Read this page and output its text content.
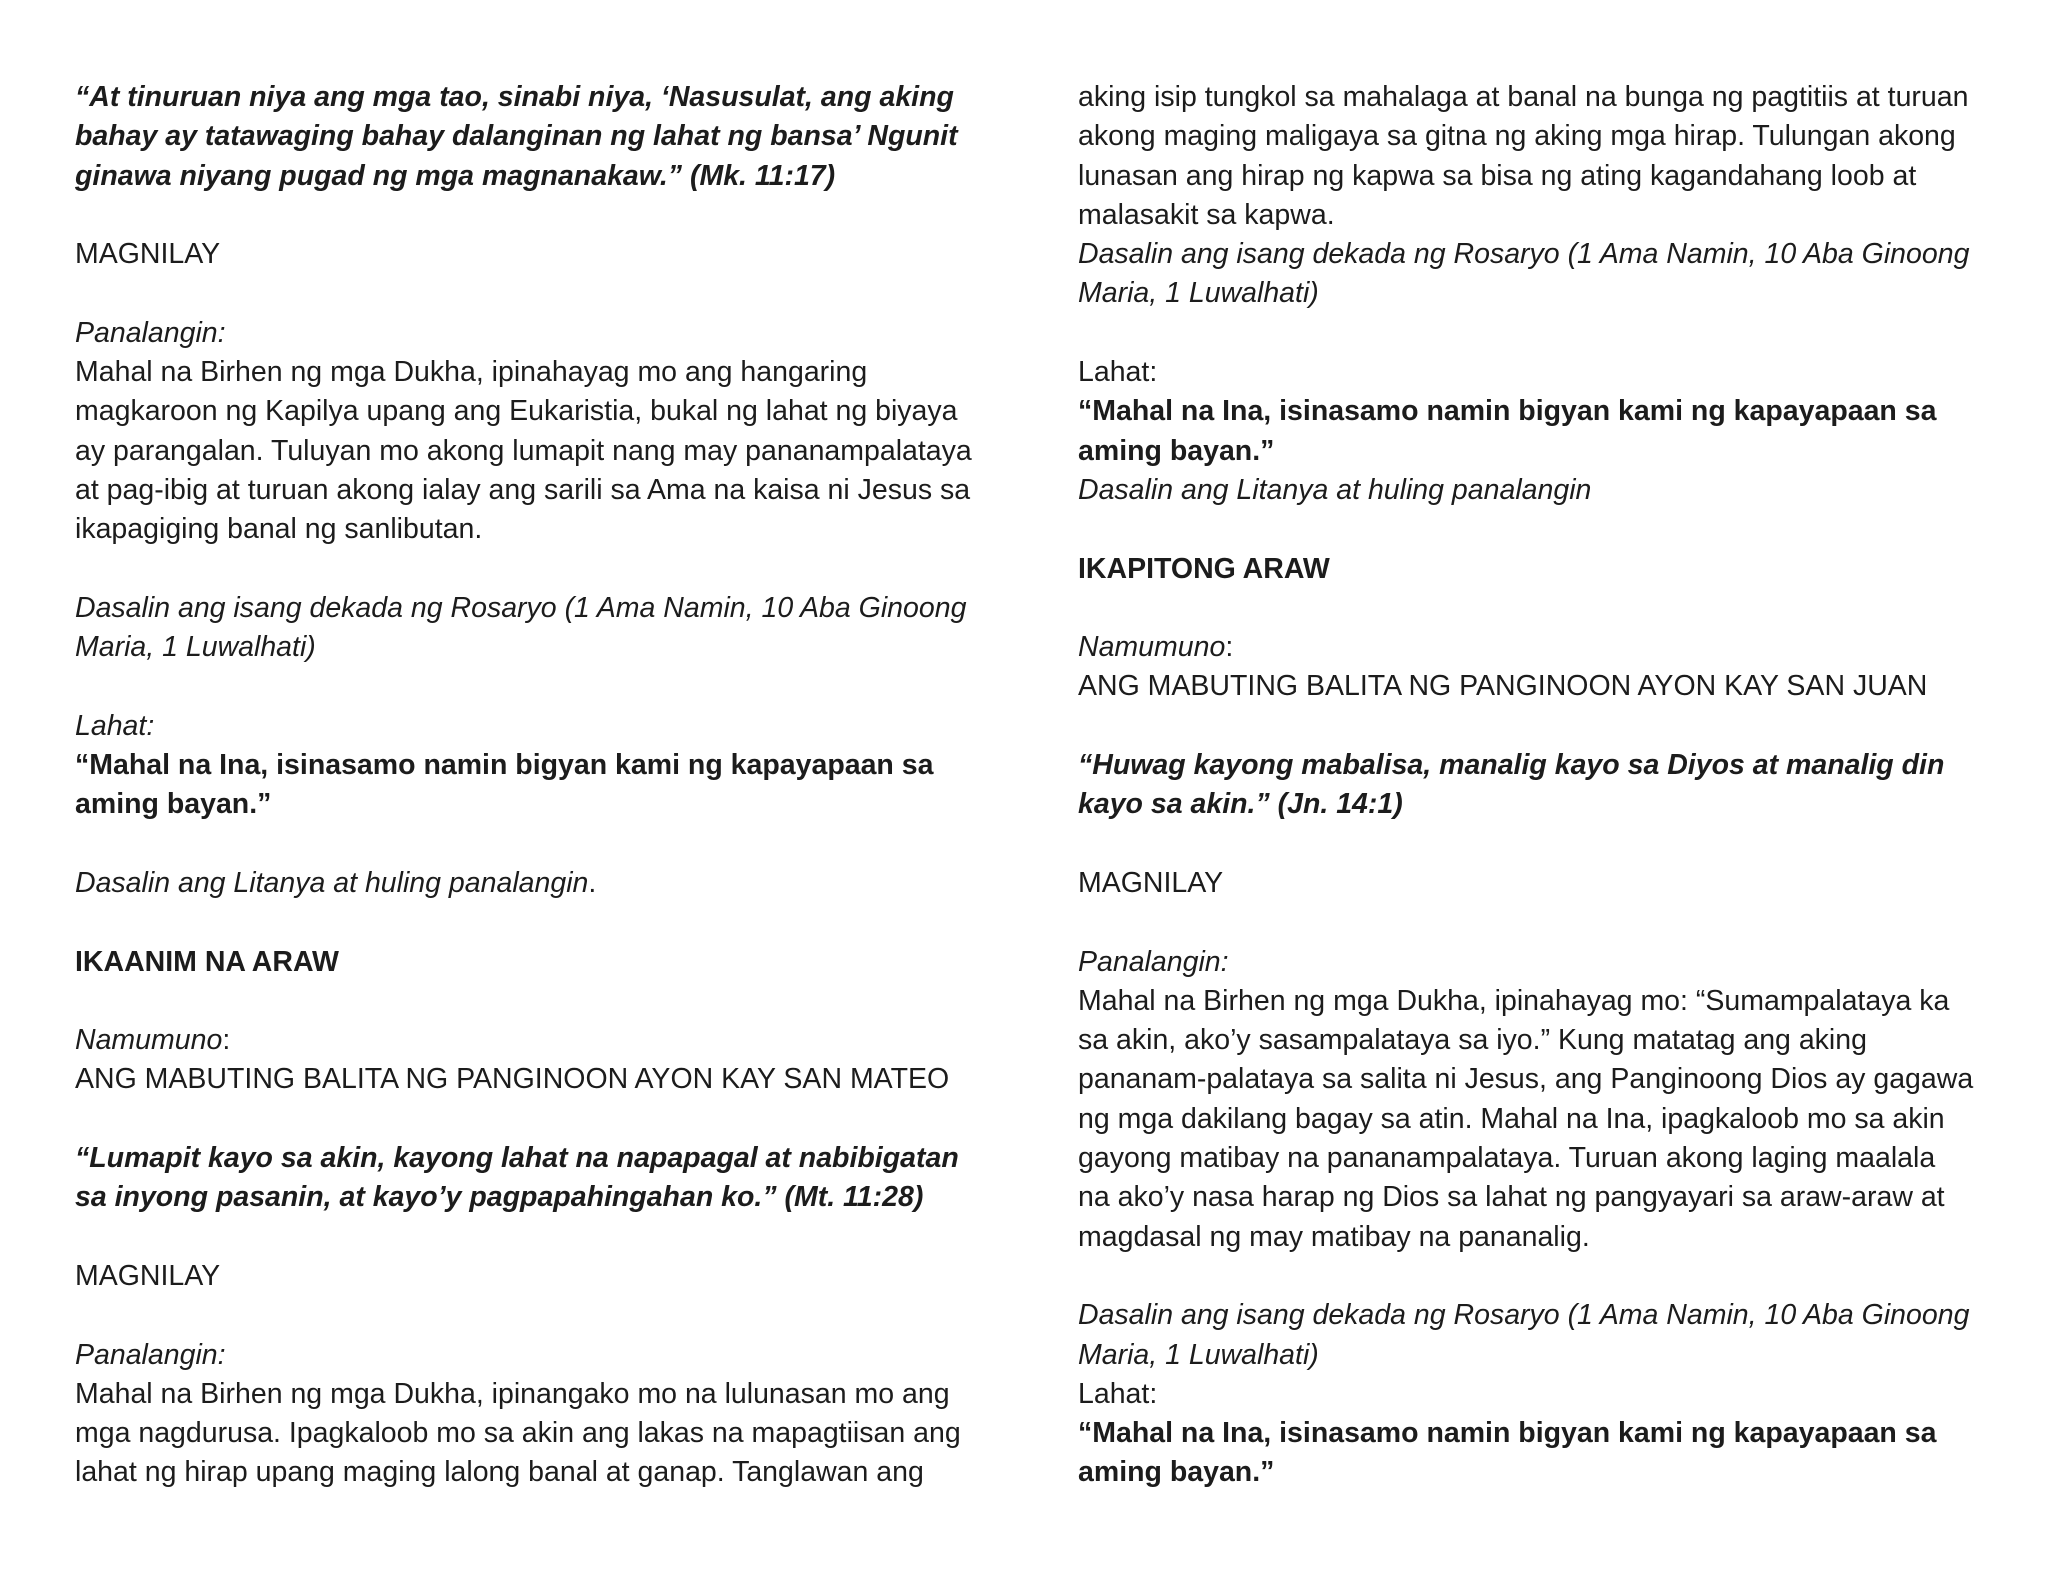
“At tinuruan niya ang mga tao, sinabi niya, ‘Nasusulat, ang aking
bahay ay tatawaging bahay dalanginan ng lahat ng bansa’ Ngunit
ginawa niyang pugad ng mga magnanakaw.” (Mk. 11:17)
MAGNILAY
Panalangin:
Mahal na Birhen ng mga Dukha, ipinahayag mo ang hangaring
magkaroon ng Kapilya upang ang Eukaristia, bukal ng lahat ng biyaya
ay parangalan. Tuluyan mo akong lumapit nang may pananampalataya
at pag-ibig at turuan akong ialay ang sarili sa Ama na kaisa ni Jesus sa
ikapagiging banal ng sanlibutan.
Dasalin ang isang dekada ng Rosaryo (1 Ama Namin, 10 Aba Ginoong
Maria, 1 Luwalhati)
Lahat:
“Mahal na Ina, isinasamo namin bigyan kami ng kapayapaan sa
aming bayan.”
Dasalin ang Litanya at huling panalangin.
IKAANIM NA ARAW
Namumuno:
ANG MABUTING BALITA NG PANGINOON AYON KAY SAN MATEO
“Lumapit kayo sa akin, kayong lahat na napapagal at nabibigatan
sa inyong pasanin, at kayo’y pagpapahingahan ko.” (Mt. 11:28)
MAGNILAY
Panalangin:
Mahal na Birhen ng mga Dukha, ipinangako mo na lulunasan mo ang
mga nagdurusa. Ipagkaloob mo sa akin ang lakas na mapagtiisan ang
lahat ng hirap upang maging lalong banal at ganap. Tanglawan ang
aking isip tungkol sa mahalaga at banal na bunga ng pagtitiis at turuan
akong maging maligaya sa gitna ng aking mga hirap. Tulungan akong
lunasan ang hirap ng kapwa sa bisa ng ating kagandahang loob at
malasakit sa kapwa.
Dasalin ang isang dekada ng Rosaryo (1 Ama Namin, 10 Aba Ginoong
Maria, 1 Luwalhati)
Lahat:
“Mahal na Ina, isinasamo namin bigyan kami ng kapayapaan sa
aming bayan.”
Dasalin ang Litanya at huling panalangin
IKAPITONG ARAW
Namumuno:
ANG MABUTING BALITA NG PANGINOON AYON KAY SAN JUAN
“Huwag kayong mabalisa, manalig kayo sa Diyos at manalig din
kayo sa akin.” (Jn. 14:1)
MAGNILAY
Panalangin:
Mahal na Birhen ng mga Dukha, ipinahayag mo: “Sumampalataya ka
sa akin, ako’y sasampalataya sa iyo.” Kung matatag ang aking
pananam-palataya sa salita ni Jesus, ang Panginoong Dios ay gagawa
ng mga dakilang bagay sa atin. Mahal na Ina, ipagkaloob mo sa akin
gayong matibay na pananampalataya. Turuan akong laging maalala
na ako’y nasa harap ng Dios sa lahat ng pangyayari sa araw-araw at
magdasal ng may matibay na pananalig.
Dasalin ang isang dekada ng Rosaryo (1 Ama Namin, 10 Aba Ginoong
Maria, 1 Luwalhati)
Lahat:
“Mahal na Ina, isinasamo namin bigyan kami ng kapayapaan sa
aming bayan.”
